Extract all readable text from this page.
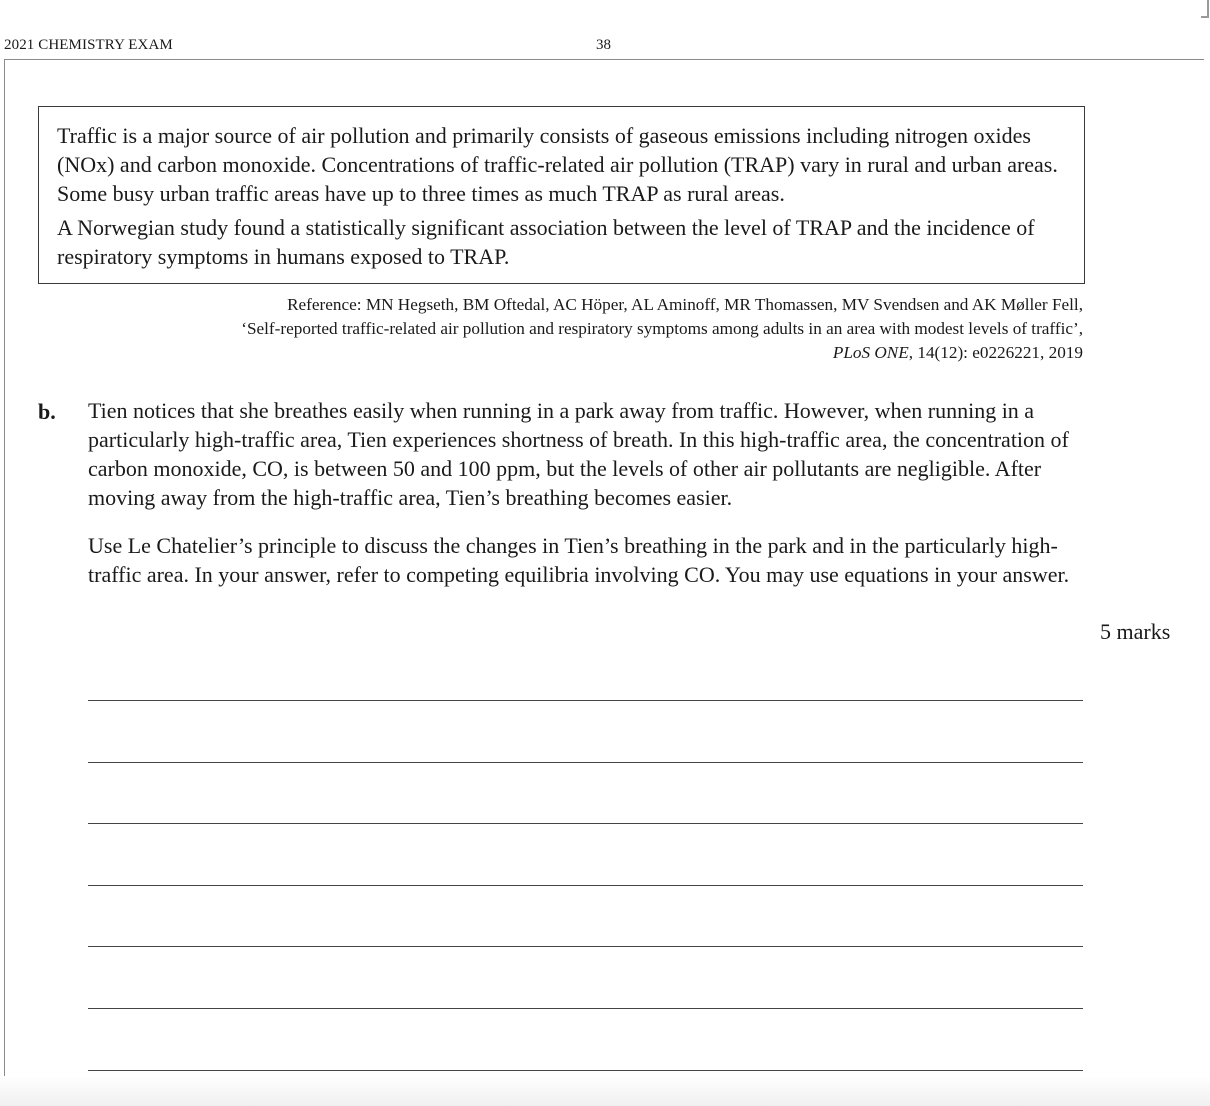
2021 CHEMISTRY EXAM	38

Traffic is a major source of air pollution and primarily consists of gaseous emissions including nitrogen oxides (NOx) and carbon monoxide. Concentrations of traffic-related air pollution (TRAP) vary in rural and urban areas. Some busy urban traffic areas have up to three times as much TRAP as rural areas.

A Norwegian study found a statistically significant association between the level of TRAP and the incidence of respiratory symptoms in humans exposed to TRAP.

Reference: MN Hegseth, BM Oftedal, AC Höper, AL Aminoff, MR Thomassen, MV Svendsen and AK Møller Fell,
‘Self-reported traffic-related air pollution and respiratory symptoms among adults in an area with modest levels of traffic’,
PLoS ONE, 14(12): e0226221, 2019
b. Tien notices that she breathes easily when running in a park away from traffic. However, when running in a particularly high-traffic area, Tien experiences shortness of breath. In this high-traffic area, the concentration of carbon monoxide, CO, is between 50 and 100 ppm, but the levels of other air pollutants are negligible. After moving away from the high-traffic area, Tien’s breathing becomes easier.

Use Le Chatelier’s principle to discuss the changes in Tien’s breathing in the park and in the particularly high-traffic area. In your answer, refer to competing equilibria involving CO. You may use equations in your answer.

5 marks
